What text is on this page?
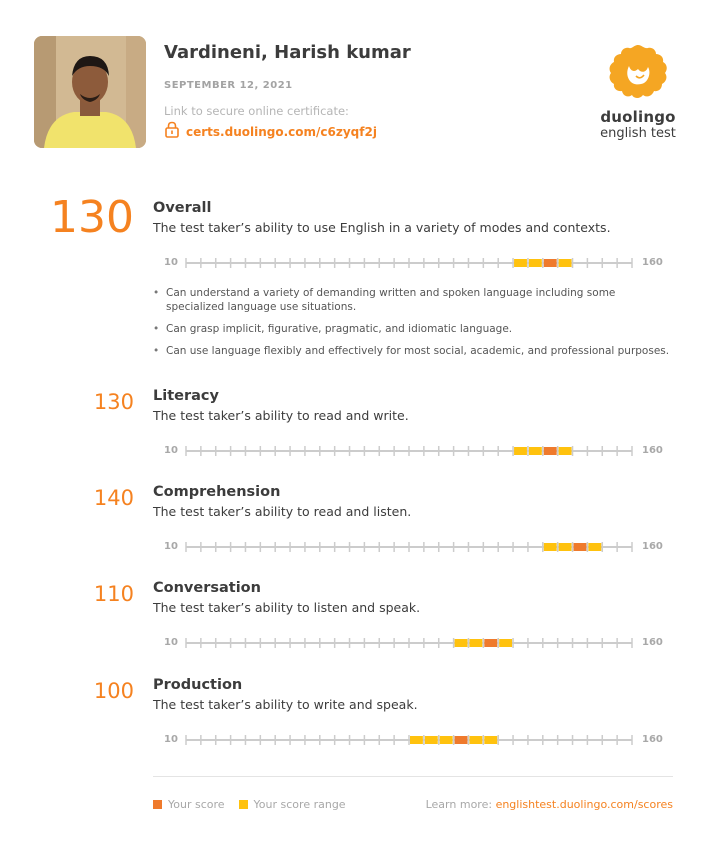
Vardineni, Harish kumar
SEPTEMBER 12, 2021
Link to secure online certificate:
certs.duolingo.com/c6zyqf2j
duolingo
english test
130 Overall
The test taker’s ability to use English in a variety of modes and contexts.
10	160
• Can understand a variety of demanding written and spoken language including some specialized language use situations.
• Can grasp implicit, figurative, pragmatic, and idiomatic language.
• Can use language flexibly and effectively for most social, academic, and professional purposes.
130 Literacy
The test taker’s ability to read and write.
10	160
140 Comprehension
The test taker’s ability to read and listen.
10	160
110 Conversation
The test taker’s ability to listen and speak.
10	160
100 Production
The test taker’s ability to write and speak.
10	160
Your score	Your score range	Learn more: englishtest.duolingo.com/scores
